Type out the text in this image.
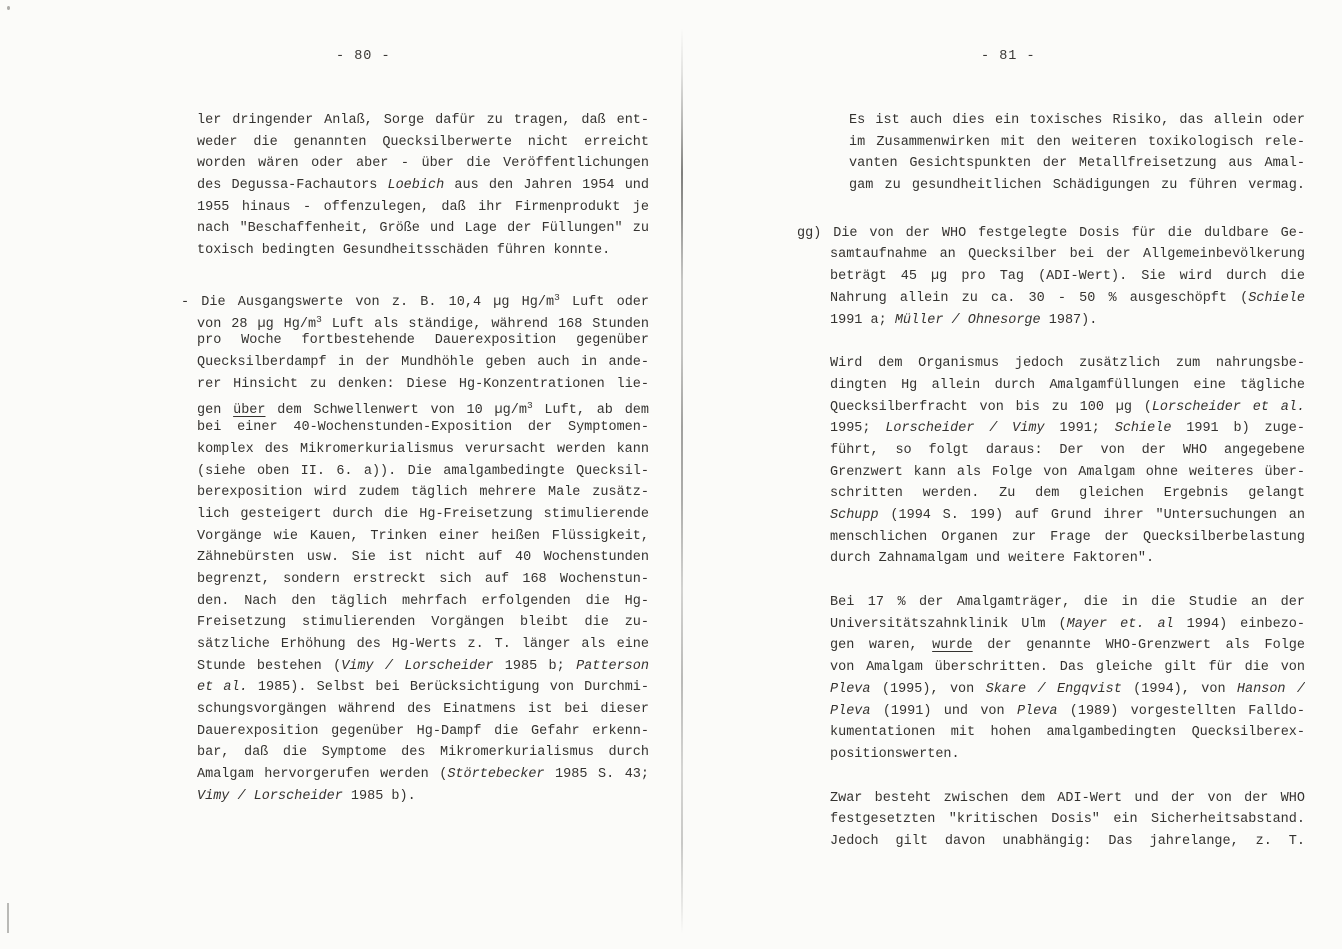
- 80 -
ler dringender Anlaß, Sorge dafür zu tragen, daß ent-
weder die genannten Quecksilberwerte nicht erreicht
worden wären oder aber - über die Veröffentlichungen
des Degussa-Fachautors Loebich aus den Jahren 1954 und
1955 hinaus - offenzulegen, daß ihr Firmenprodukt je
nach "Beschaffenheit, Größe und Lage der Füllungen" zu
toxisch bedingten Gesundheitsschäden führen konnte.
- Die Ausgangswerte von z. B. 10,4 µg $Hg/m^3$ Luft oder
von 28 µg $Hg/m^3$ Luft als ständige, während 168 Stunden
pro Woche fortbestehende Dauerexposition gegenüber
Quecksilberdampf in der Mundhöhle geben auch in ande-
rer Hinsicht zu denken: Diese Hg-Konzentrationen lie-
gen über dem Schwellenwert von 10 $\mu g/m^3$ Luft, ab dem
bei einer 40-Wochenstunden-Exposition der Symptomen-
komplex des Mikromerkurialismus verursacht werden kann
(siehe oben II. 6. a)). Die amalgambedingte Quecksil-
berexposition wird zudem täglich mehrere Male zusätz-
lich gesteigert durch die Hg-Freisetzung stimulierende
Vorgänge wie Kauen, Trinken einer heißen Flüssigkeit,
Zähnebürsten usw. Sie ist nicht auf 40 Wochenstunden
begrenzt, sondern erstreckt sich auf 168 Wochenstun-
den. Nach den täglich mehrfach erfolgenden die Hg-
Freisetzung stimulierenden Vorgängen bleibt die zu-
sätzliche Erhöhung des Hg-Werts z. T. länger als eine
Stunde bestehen (Vimy / Lorscheider 1985 b; Patterson
et al. 1985). Selbst bei Berücksichtigung von Durchmi-
schungsvorgängen während des Einatmens ist bei dieser
Dauerexposition gegenüber Hg-Dampf die Gefahr erkenn-
bar, daß die Symptome des Mikromerkurialismus durch
Amalgam hervorgerufen werden (Störtebecker 1985 S. 43;
Vimy / Lorscheider 1985 b).
- 81 -
Es ist auch dies ein toxisches Risiko, das allein oder
im Zusammenwirken mit den weiteren toxikologisch rele-
vanten Gesichtspunkten der Metallfreisetzung aus Amal-
gam zu gesundheitlichen Schädigungen zu führen vermag.
gg) Die von der WHO festgelegte Dosis für die duldbare Ge-
samtaufnahme an Quecksilber bei der Allgemeinbevölkerung
beträgt 45 µg pro Tag (ADI-Wert). Sie wird durch die
Nahrung allein zu ca. 30 - 50 % ausgeschöpft (Schiele
1991 a; Müller / Ohnesorge 1987).
Wird dem Organismus jedoch zusätzlich zum nahrungsbe-
dingten Hg allein durch Amalgamfüllungen eine tägliche
Quecksilberfracht von bis zu 100 µg (Lorscheider et al.
1995; Lorscheider / Vimy 1991; Schiele 1991 b) zuge-
führt, so folgt daraus: Der von der WHO angegebene
Grenzwert kann als Folge von Amalgam ohne weiteres über-
schritten werden. Zu dem gleichen Ergebnis gelangt
Schupp (1994 S. 199) auf Grund ihrer "Untersuchungen an
menschlichen Organen zur Frage der Quecksilberbelastung
durch Zahnamalgam und weitere Faktoren".
Bei 17 % der Amalgamträger, die in die Studie an der
Universitätszahnklinik Ulm (Mayer et. al 1994) einbezo-
gen waren, wurde der genannte WHO-Grenzwert als Folge
von Amalgam überschritten. Das gleiche gilt für die von
Pleva (1995), von Skare / Engqvist (1994), von Hanson /
Pleva (1991) und von Pleva (1989) vorgestellten Falldo-
kumentationen mit hohen amalgambedingten Quecksilberex-
positionswerten.
Zwar besteht zwischen dem ADI-Wert und der von der WHO
festgesetzten "kritischen Dosis" ein Sicherheitsabstand.
Jedoch gilt davon unabhängig: Das jahrelange, z. T.
